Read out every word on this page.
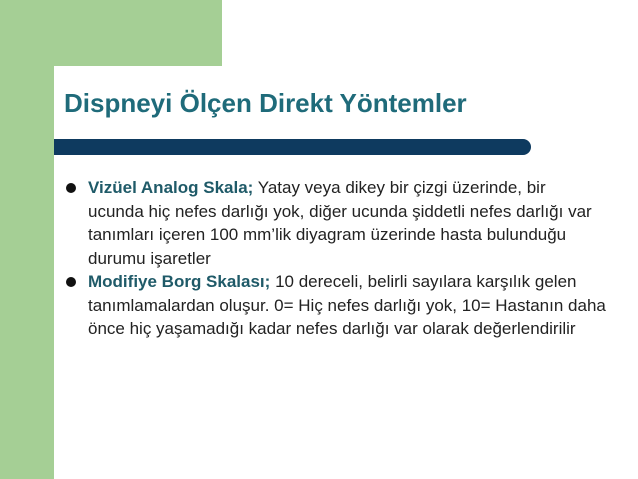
Dispneyi Ölçen Direkt Yöntemler
Vizüel Analog Skala; Yatay veya dikey bir çizgi üzerinde, bir ucunda hiç nefes darlığı yok, diğer ucunda şiddetli nefes darlığı var tanımları içeren 100 mm’lik diyagram üzerinde hasta bulunduğu durumu işaretler
Modifiye Borg Skalası; 10 dereceli, belirli sayılara karşılık gelen tanımlamalardan oluşur. 0= Hiç nefes darlığı yok, 10= Hastanın daha önce hiç yaşamadığı kadar nefes darlığı var olarak değerlendirilir
